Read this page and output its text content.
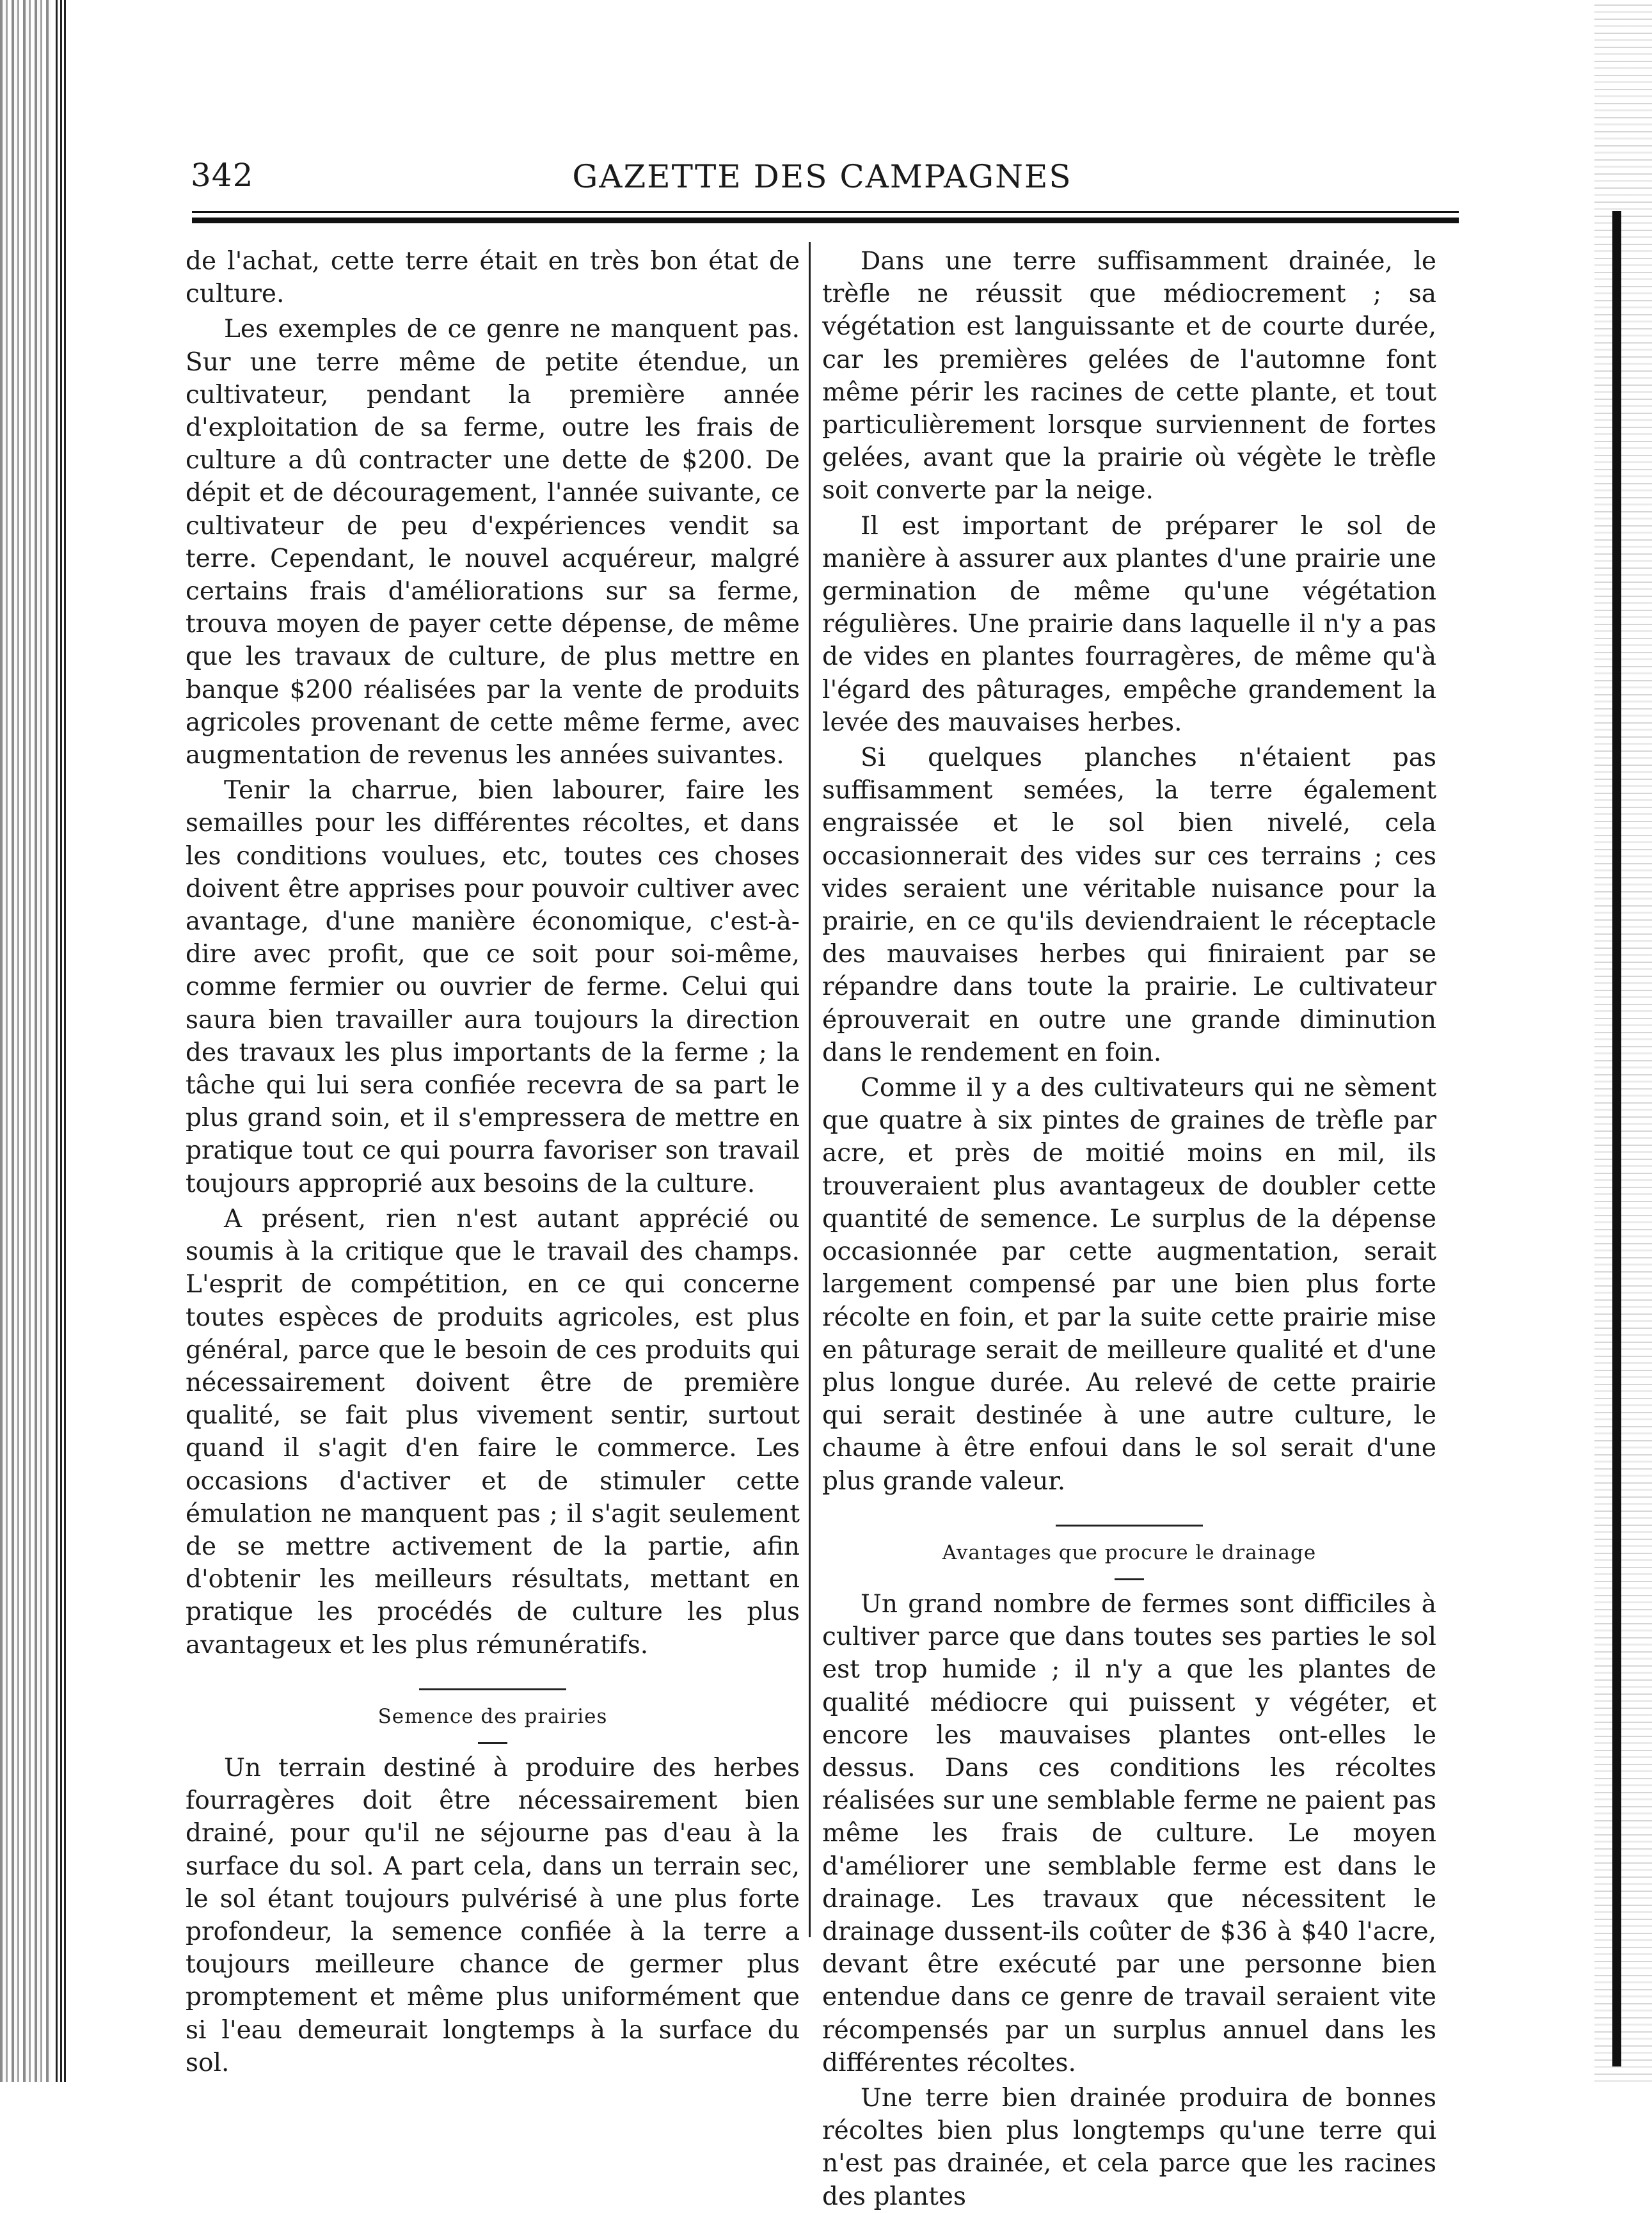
342	GAZETTE DES CAMPAGNES

de l'achat, cette terre était en très bon état de culture.

Les exemples de ce genre ne manquent pas. Sur une terre même de petite étendue, un cultivateur, pendant la première année d'exploitation de sa ferme, outre les frais de culture a dû contracter une dette de $200. De dépit et de découragement, l'année suivante, ce cultivateur de peu d'expériences vendit sa terre. Cependant, le nouvel acquéreur, malgré certains frais d'améliorations sur sa ferme, trouva moyen de payer cette dépense, de même que les travaux de culture, de plus mettre en banque $200 réalisées par la vente de produits agricoles provenant de cette même ferme, avec augmentation de revenus les années suivantes.

Tenir la charrue, bien labourer, faire les semailles pour les différentes récoltes, et dans les conditions voulues, etc, toutes ces choses doivent être apprises pour pouvoir cultiver avec avantage, d'une manière économique, c'est-à-dire avec profit, que ce soit pour soi-même, comme fermier ou ouvrier de ferme. Celui qui saura bien travailler aura toujours la direction des travaux les plus importants de la ferme ; la tâche qui lui sera confiée recevra de sa part le plus grand soin, et il s'empressera de mettre en pratique tout ce qui pourra favoriser son travail toujours approprié aux besoins de la culture.

A présent, rien n'est autant apprécié ou soumis à la critique que le travail des champs. L'esprit de compétition, en ce qui concerne toutes espèces de produits agricoles, est plus général, parce que le besoin de ces produits qui nécessairement doivent être de première qualité, se fait plus vivement sentir, surtout quand il s'agit d'en faire le commerce. Les occasions d'activer et de stimuler cette émulation ne manquent pas ; il s'agit seulement de se mettre activement de la partie, afin d'obtenir les meilleurs résultats, mettant en pratique les procédés de culture les plus avantageux et les plus rémunératifs.

Semence des prairies

Un terrain destiné à produire des herbes fourragères doit être nécessairement bien drainé, pour qu'il ne séjourne pas d'eau à la surface du sol. A part cela, dans un terrain sec, le sol étant toujours pulvérisé à une plus forte profondeur, la semence confiée à la terre a toujours meilleure chance de germer plus promptement et même plus uniformément que si l'eau demeurait longtemps à la surface du sol.

Dans une terre suffisamment drainée, le trèfle ne réussit que médiocrement ; sa végétation est languissante et de courte durée, car les premières gelées de l'automne font même périr les racines de cette plante, et tout particulièrement lorsque surviennent de fortes gelées, avant que la prairie où végète le trèfle soit converte par la neige.

Il est important de préparer le sol de manière à assurer aux plantes d'une prairie une germination de même qu'une végétation régulières. Une prairie dans laquelle il n'y a pas de vides en plantes fourragères, de même qu'à l'égard des pâturages, empêche grandement la levée des mauvaises herbes.

Si quelques planches n'étaient pas suffisamment semées, la terre également engraissée et le sol bien nivelé, cela occasionnerait des vides sur ces terrains ; ces vides seraient une véritable nuisance pour la prairie, en ce qu'ils deviendraient le réceptacle des mauvaises herbes qui finiraient par se répandre dans toute la prairie. Le cultivateur éprouverait en outre une grande diminution dans le rendement en foin.

Comme il y a des cultivateurs qui ne sèment que quatre à six pintes de graines de trèfle par acre, et près de moitié moins en mil, ils trouveraient plus avantageux de doubler cette quantité de semence. Le surplus de la dépense occasionnée par cette augmentation, serait largement compensé par une bien plus forte récolte en foin, et par la suite cette prairie mise en pâturage serait de meilleure qualité et d'une plus longue durée. Au relevé de cette prairie qui serait destinée à une autre culture, le chaume à être enfoui dans le sol serait d'une plus grande valeur.

Avantages que procure le drainage

Un grand nombre de fermes sont difficiles à cultiver parce que dans toutes ses parties le sol est trop humide ; il n'y a que les plantes de qualité médiocre qui puissent y végéter, et encore les mauvaises plantes ont-elles le dessus. Dans ces conditions les récoltes réalisées sur une semblable ferme ne paient pas même les frais de culture. Le moyen d'améliorer une semblable ferme est dans le drainage. Les travaux que nécessitent le drainage dussent-ils coûter de $36 à $40 l'acre, devant être exécuté par une personne bien entendue dans ce genre de travail seraient vite récompensés par un surplus annuel dans les différentes récoltes.

Une terre bien drainée produira de bonnes récoltes bien plus longtemps qu'une terre qui n'est pas drainée, et cela parce que les racines des plantes
